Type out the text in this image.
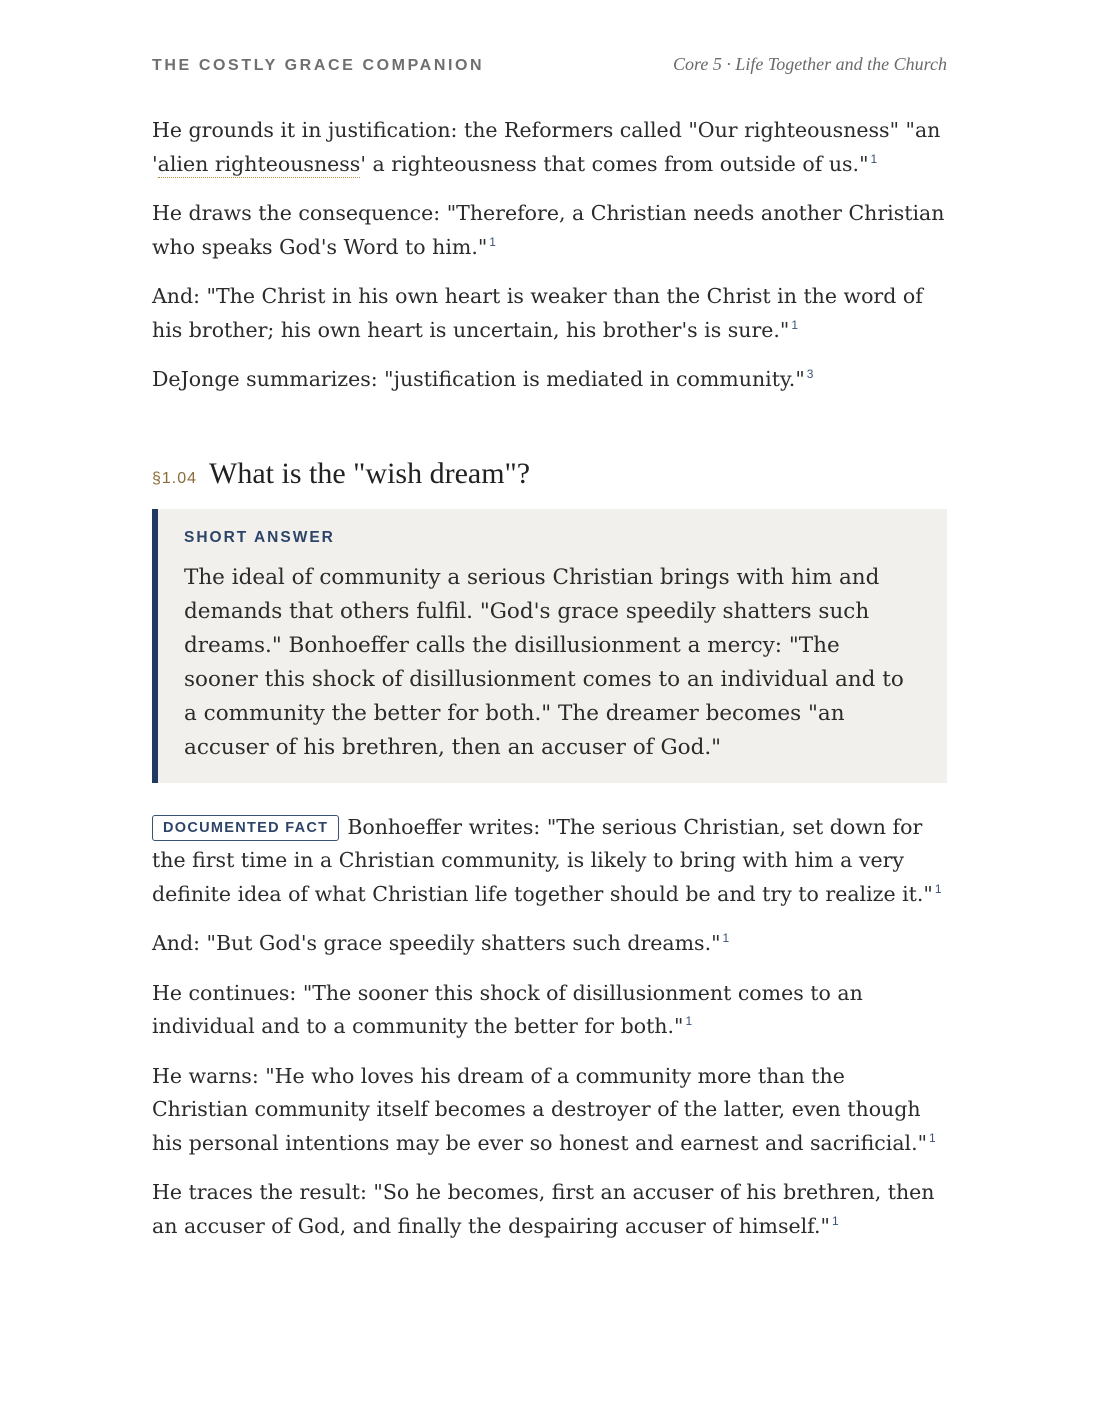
THE COSTLY GRACE COMPANION	Core 5 · Life Together and the Church

He grounds it in justification: the Reformers called "Our righteousness" "an 'alien righteousness' a righteousness that comes from outside of us." $^1$

He draws the consequence: "Therefore, a Christian needs another Christian who speaks God's Word to him." $^1$

And: "The Christ in his own heart is weaker than the Christ in the word of his brother; his own heart is uncertain, his brother's is sure." $^1$

DeJonge summarizes: "justification is mediated in community." $^3$

§1.04 What is the "wish dream"?
SHORT ANSWER

The ideal of community a serious Christian brings with him and demands that others fulfil. "God's grace speedily shatters such dreams." Bonhoeffer calls the disillusionment a mercy: "The sooner this shock of disillusionment comes to an individual and to a community the better for both." The dreamer becomes "an accuser of his brethren, then an accuser of God."

DOCUMENTED FACT Bonhoeffer writes: "The serious Christian, set down for the first time in a Christian community, is likely to bring with him a very definite idea of what Christian life together should be and try to realize it." $^1$

And: "But God's grace speedily shatters such dreams." $^1$

He continues: "The sooner this shock of disillusionment comes to an individual and to a community the better for both." $^1$

He warns: "He who loves his dream of a community more than the Christian community itself becomes a destroyer of the latter, even though his personal intentions may be ever so honest and earnest and sacrificial." $^1$

He traces the result: "So he becomes, first an accuser of his brethren, then an accuser of God, and finally the despairing accuser of himself." $^1$
